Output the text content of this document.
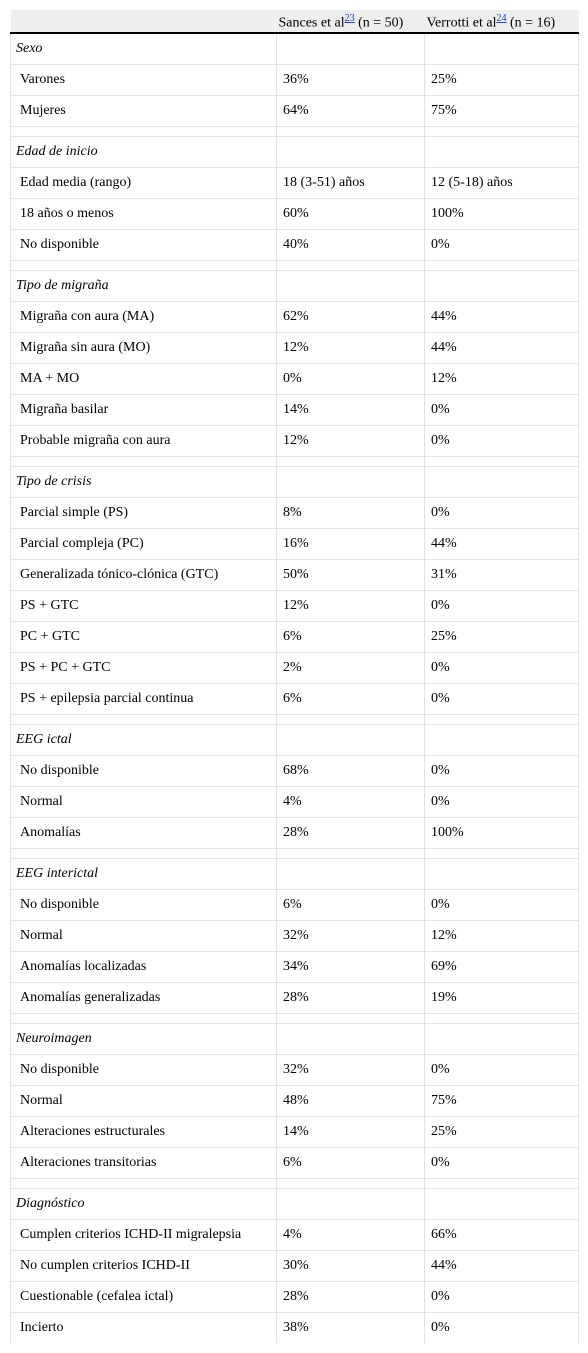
	Sances et al$^{23}$ (n = 50)	Verrotti et al$^{24}$ (n = 16)
Sexo		
Varones	36%	25%
Mujeres	64%	75%

Edad de inicio		
Edad media (rango)	18 (3-51) años	12 (5-18) años
18 años o menos	60%	100%
No disponible	40%	0%

Tipo de migraña		
Migraña con aura (MA)	62%	44%
Migraña sin aura (MO)	12%	44%
MA + MO	0%	12%
Migraña basilar	14%	0%
Probable migraña con aura	12%	0%

Tipo de crisis		
Parcial simple (PS)	8%	0%
Parcial compleja (PC)	16%	44%
Generalizada tónico-clónica (GTC)	50%	31%
PS + GTC	12%	0%
PC + GTC	6%	25%
PS + PC + GTC	2%	0%
PS + epilepsia parcial continua	6%	0%

EEG ictal		
No disponible	68%	0%
Normal	4%	0%
Anomalías	28%	100%

EEG interictal		
No disponible	6%	0%
Normal	32%	12%
Anomalías localizadas	34%	69%
Anomalías generalizadas	28%	19%

Neuroimagen		
No disponible	32%	0%
Normal	48%	75%
Alteraciones estructurales	14%	25%
Alteraciones transitorias	6%	0%

Diagnóstico		
Cumplen criterios ICHD-II migralepsia	4%	66%
No cumplen criterios ICHD-II	30%	44%
Cuestionable (cefalea ictal)	28%	0%
Incierto	38%	0%
